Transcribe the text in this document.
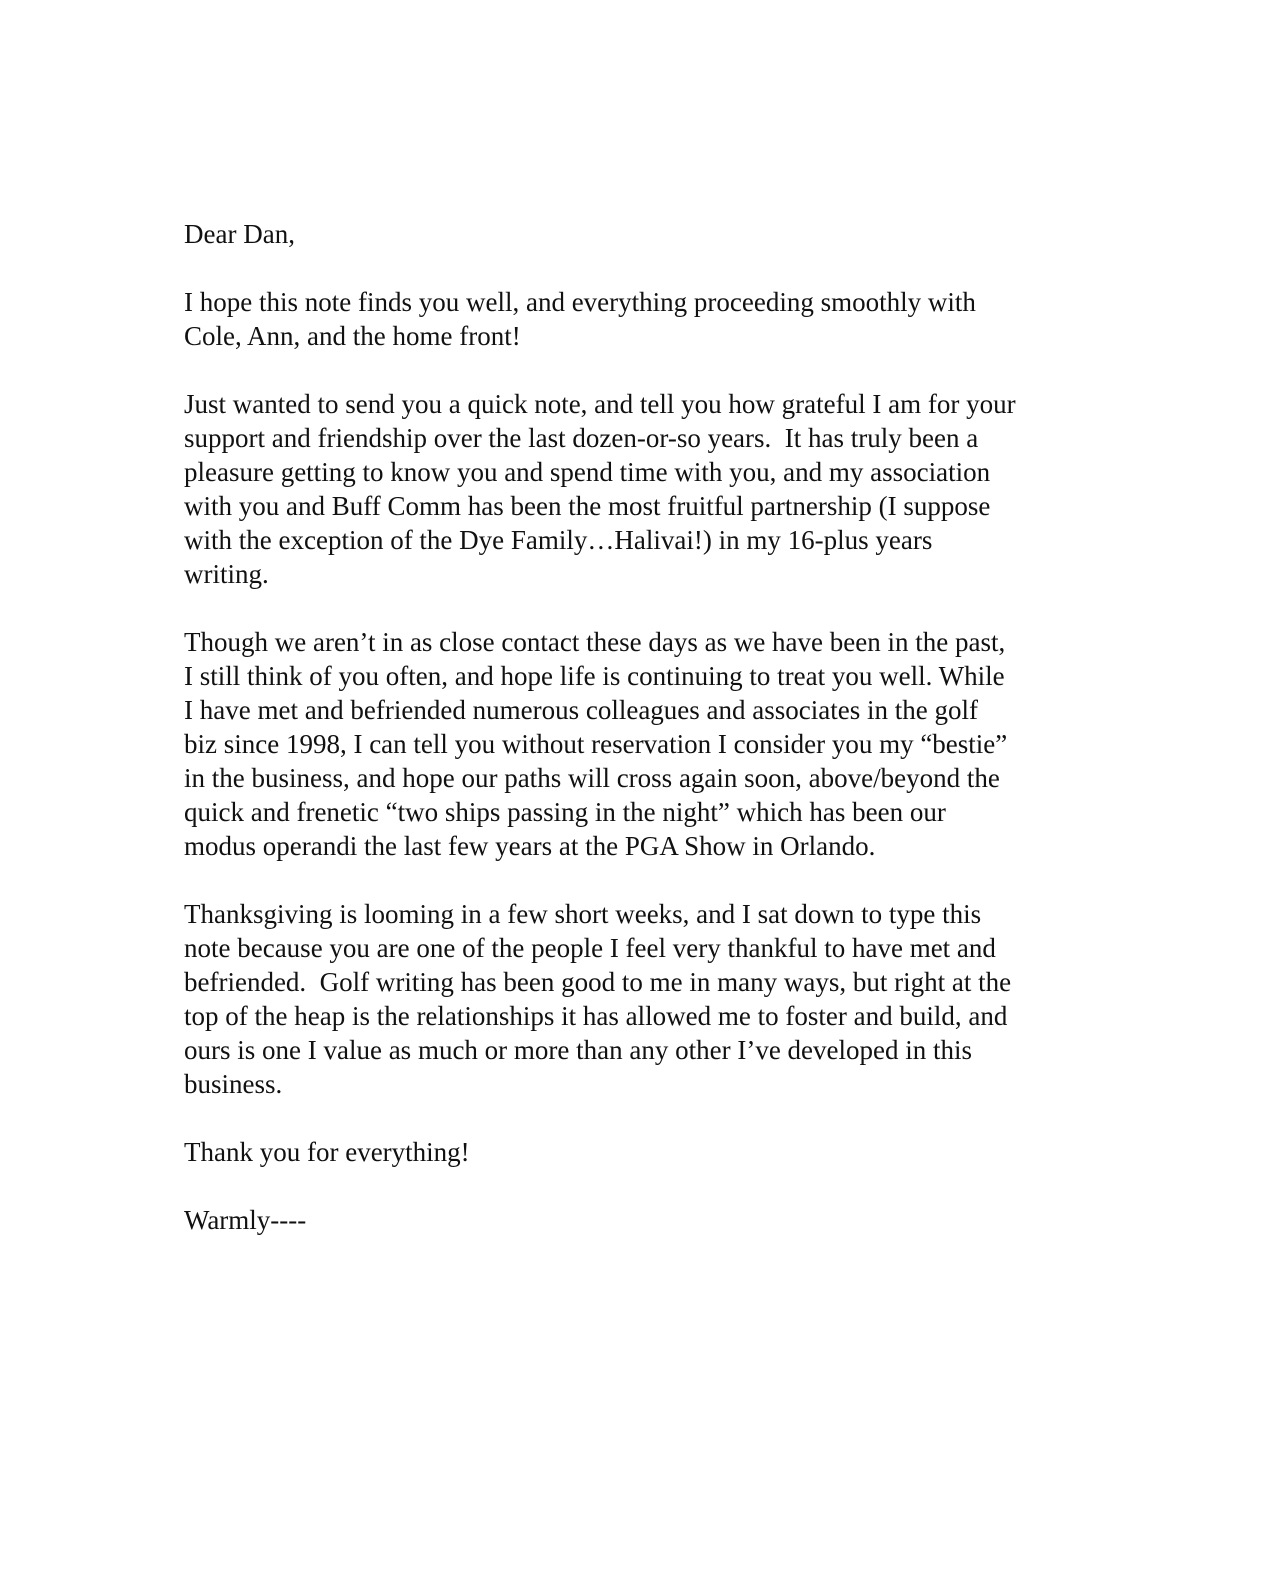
Dear Dan,
I hope this note finds you well, and everything proceeding smoothly with
Cole, Ann, and the home front!
Just wanted to send you a quick note, and tell you how grateful I am for your
support and friendship over the last dozen-or-so years.  It has truly been a
pleasure getting to know you and spend time with you, and my association
with you and Buff Comm has been the most fruitful partnership (I suppose
with the exception of the Dye Family…Halivai!) in my 16-plus years
writing.
Though we aren’t in as close contact these days as we have been in the past,
I still think of you often, and hope life is continuing to treat you well. While
I have met and befriended numerous colleagues and associates in the golf
biz since 1998, I can tell you without reservation I consider you my “bestie”
in the business, and hope our paths will cross again soon, above/beyond the
quick and frenetic “two ships passing in the night” which has been our
modus operandi the last few years at the PGA Show in Orlando.
Thanksgiving is looming in a few short weeks, and I sat down to type this
note because you are one of the people I feel very thankful to have met and
befriended.  Golf writing has been good to me in many ways, but right at the
top of the heap is the relationships it has allowed me to foster and build, and
ours is one I value as much or more than any other I’ve developed in this
business.
Thank you for everything!
Warmly----
